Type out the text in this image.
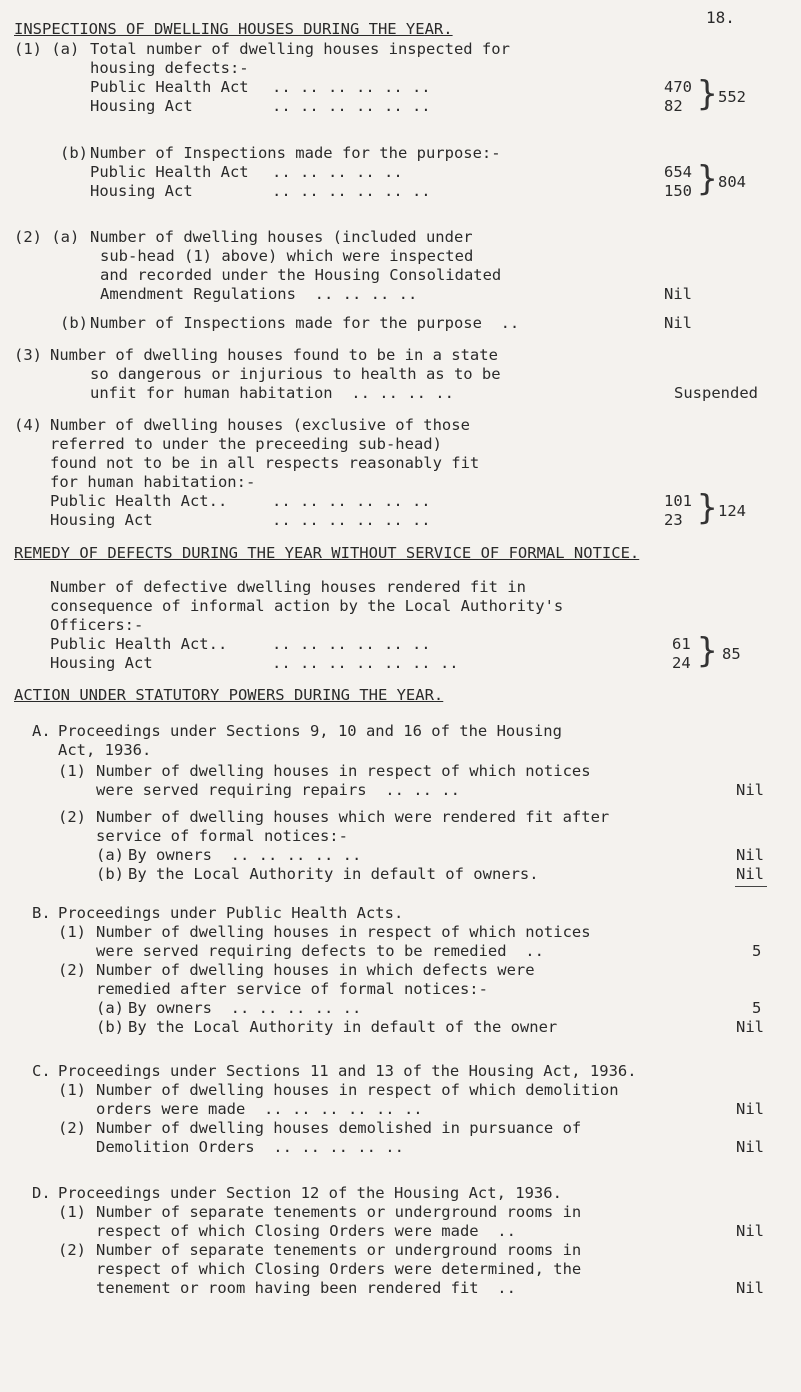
18.
INSPECTIONS OF DWELLING HOUSES DURING THE YEAR.
(1) (a) Total number of dwelling houses inspected for
housing defects:-
Public Health Act .. .. .. .. .. ..	470
Housing Act	.. .. .. .. .. ..	82 } 552
(b) Number of Inspections made for the purpose:-
Public Health Act .. .. .. .. ..	654
Housing Act	.. .. .. .. .. ..	150 } 804
(2) (a) Number of dwelling houses (included under
sub-head (1) above) which were inspected
and recorded under the Housing Consolidated
Amendment Regulations  .. .. .. ..	Nil
(b) Number of Inspections made for the purpose  ..	Nil
(3) Number of dwelling houses found to be in a state
so dangerous or injurious to health as to be
unfit for human habitation  .. .. .. ..	Suspended
(4) Number of dwelling houses (exclusive of those
referred to under the preceeding sub-head)
found not to be in all respects reasonably fit
for human habitation:-
Public Health Act..	.. .. .. .. .. ..	101
Housing Act	.. .. .. .. .. ..	23 } 124
REMEDY OF DEFECTS DURING THE YEAR WITHOUT SERVICE OF FORMAL NOTICE.
Number of defective dwelling houses rendered fit in
consequence of informal action by the Local Authority's
Officers:-
Public Health Act..	.. .. .. .. .. ..	61
Housing Act	.. .. .. .. .. .. ..	24 } 85
ACTION UNDER STATUTORY POWERS DURING THE YEAR.
A. Proceedings under Sections 9, 10 and 16 of the Housing
Act, 1936.
(1) Number of dwelling houses in respect of which notices
were served requiring repairs  .. .. ..	Nil
(2) Number of dwelling houses which were rendered fit after
service of formal notices:-
(a) By owners  .. .. .. .. ..	Nil
(b) By the Local Authority in default of owners.	Nil
B. Proceedings under Public Health Acts.
(1) Number of dwelling houses in respect of which notices
were served requiring defects to be remedied  ..	5
(2) Number of dwelling houses in which defects were
remedied after service of formal notices:-
(a) By owners  .. .. .. .. ..	5
(b) By the Local Authority in default of the owner	Nil
C. Proceedings under Sections 11 and 13 of the Housing Act, 1936.
(1) Number of dwelling houses in respect of which demolition
orders were made  .. .. .. .. .. ..	Nil
(2) Number of dwelling houses demolished in pursuance of
Demolition Orders  .. .. .. .. ..	Nil
D. Proceedings under Section 12 of the Housing Act, 1936.
(1) Number of separate tenements or underground rooms in
respect of which Closing Orders were made  ..	Nil
(2) Number of separate tenements or underground rooms in
respect of which Closing Orders were determined, the
tenement or room having been rendered fit  ..	Nil
